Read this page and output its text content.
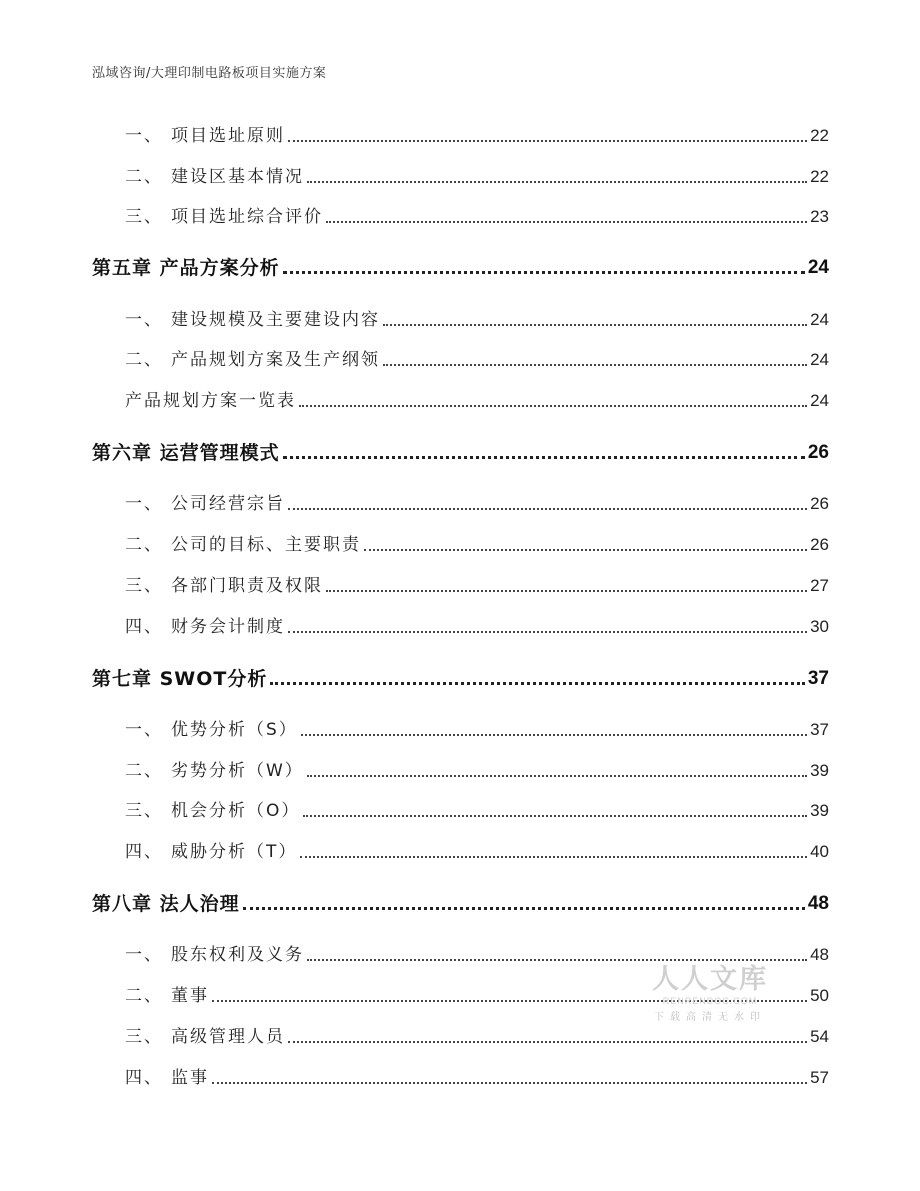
泓域咨询/大理印制电路板项目实施方案
一、 项目选址原则	22
二、 建设区基本情况	22
三、 项目选址综合评价	23
第五章 产品方案分析	24
一、 建设规模及主要建设内容	24
二、 产品规划方案及生产纲领	24
产品规划方案一览表	24
第六章 运营管理模式	26
一、 公司经营宗旨	26
二、 公司的目标、主要职责	26
三、 各部门职责及权限	27
四、 财务会计制度	30
第七章 SWOT分析	37
一、 优势分析（S）	37
二、 劣势分析（W）	39
三、 机会分析（O）	39
四、 威胁分析（T）	40
第八章 法人治理	48
一、 股东权利及义务	48
二、 董事	50
三、 高级管理人员	54
四、 监事	57
人人文库
RENRENDOC.COM
下载高清无水印
